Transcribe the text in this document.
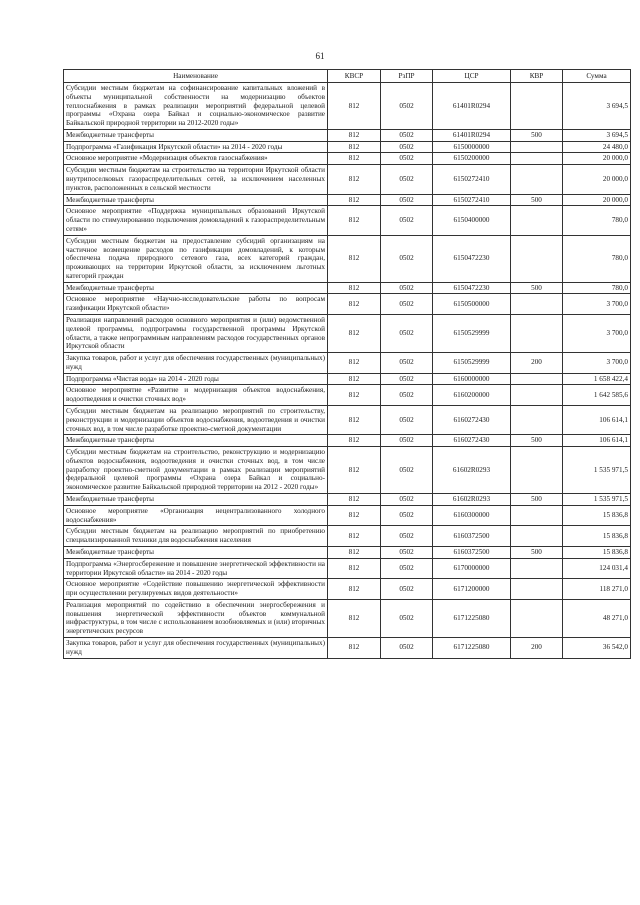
61
Наименование	КВСР	РзПР	ЦСР	КВР	Сумма
Субсидии местным бюджетам на софинансирование капитальных вложений в объекты муниципальной собственности на модернизацию объектов теплоснабжения в рамках реализации мероприятий федеральной целевой программы «Охрана озера Байкал и социально-экономическое развитие Байкальской природной территории на 2012-2020 годы»	812	0502	61401R0294		3 694,5
Межбюджетные трансферты	812	0502	61401R0294	500	3 694,5
Подпрограмма «Газификация Иркутской области» на 2014 - 2020 годы	812	0502	6150000000		24 480,0
Основное мероприятие «Модернизация объектов газоснабжения»	812	0502	6150200000		20 000,0
Субсидии местным бюджетам на строительство на территории Иркутской области внутрипоселковых газораспределительных сетей, за исключением населенных пунктов, расположенных в сельской местности	812	0502	6150272410		20 000,0
Межбюджетные трансферты	812	0502	6150272410	500	20 000,0
Основное мероприятие «Поддержка муниципальных образований Иркутской области по стимулированию подключения домовладений к газораспределительным сетям»	812	0502	6150400000		780,0
Субсидии местным бюджетам на предоставление субсидий организациям на частичное возмещение расходов по газификации домовладений, к которым обеспечена подача природного сетевого газа, всех категорий граждан, проживающих на территории Иркутской области, за исключением льготных категорий граждан	812	0502	6150472230		780,0
Межбюджетные трансферты	812	0502	6150472230	500	780,0
Основное мероприятие «Научно-исследовательские работы по вопросам газификации Иркутской области»	812	0502	6150500000		3 700,0
Реализация направлений расходов основного мероприятия и (или) ведомственной целевой программы, подпрограммы государственной программы Иркутской области, а также непрограммным направлениям расходов государственных органов Иркутской области	812	0502	6150529999		3 700,0
Закупка товаров, работ и услуг для обеспечения государственных (муниципальных) нужд	812	0502	6150529999	200	3 700,0
Подпрограмма «Чистая вода» на 2014 - 2020 годы	812	0502	6160000000		1 658 422,4
Основное мероприятие «Развитие и модернизация объектов водоснабжения, водоотведения и очистки сточных вод»	812	0502	6160200000		1 642 585,6
Субсидии местным бюджетам на реализацию мероприятий по строительству, реконструкции и модернизации объектов водоснабжения, водоотведения и очистки сточных вод, в том числе разработке проектно-сметной документации	812	0502	6160272430		106 614,1
Межбюджетные трансферты	812	0502	6160272430	500	106 614,1
Субсидии местным бюджетам на строительство, реконструкцию и модернизацию объектов водоснабжения, водоотведения и очистки сточных вод, в том числе разработку проектно-сметной документации в рамках реализации мероприятий федеральной целевой программы «Охрана озера Байкал и социально-экономическое развитие Байкальской природной территории на 2012 - 2020 годы»	812	0502	61602R0293		1 535 971,5
Межбюджетные трансферты	812	0502	61602R0293	500	1 535 971,5
Основное мероприятие «Организация нецентрализованного холодного водоснабжения»	812	0502	6160300000		15 836,8
Субсидии местным бюджетам на реализацию мероприятий по приобретению специализированной техники для водоснабжения населения	812	0502	6160372500		15 836,8
Межбюджетные трансферты	812	0502	6160372500	500	15 836,8
Подпрограмма «Энергосбережение и повышение энергетической эффективности на территории Иркутской области» на 2014 - 2020 годы	812	0502	6170000000		124 031,4
Основное мероприятие «Содействие повышению энергетической эффективности при осуществлении регулируемых видов деятельности»	812	0502	6171200000		118 271,0
Реализация мероприятий по содействию в обеспечении энергосбережения и повышения энергетической эффективности объектов коммунальной инфраструктуры, в том числе с использованием возобновляемых и (или) вторичных энергетических ресурсов	812	0502	6171225080		48 271,0
Закупка товаров, работ и услуг для обеспечения государственных (муниципальных) нужд	812	0502	6171225080	200	36 542,0
